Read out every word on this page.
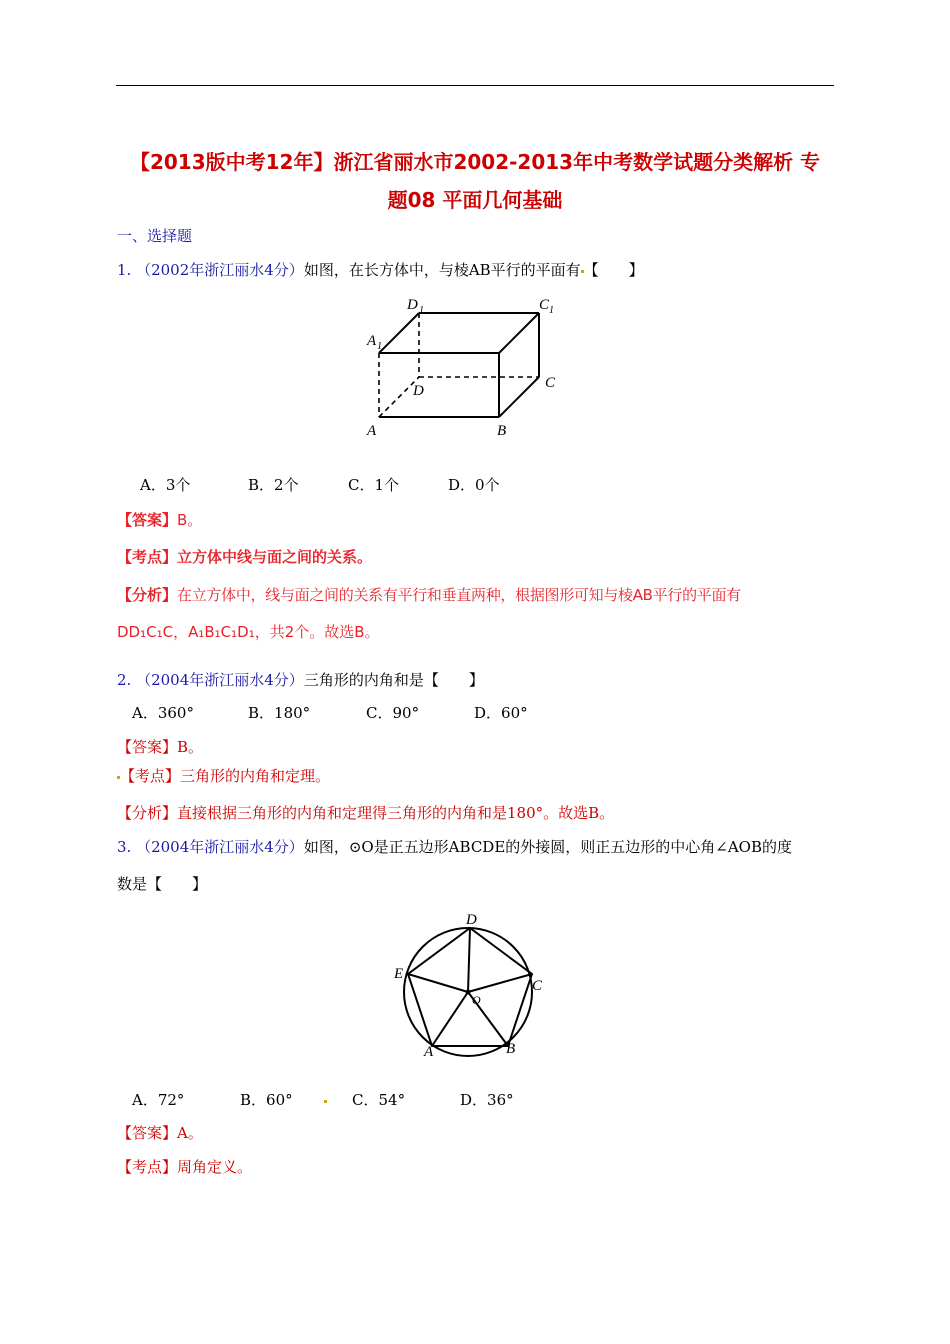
【2013版中考12年】浙江省丽水市2002-2013年中考数学试题分类解析 专
题08 平面几何基础
一、选择题
1. （2002年浙江丽水4分）如图，在长方体中，与棱AB平行的平面有 【　　】
A	B
C
D
A 1
D 1	C 1
A．3个	B．2个	C．1个	D．0个
【答案】B。
【考点】立方体中线与面之间的关系。
【分析】在立方体中，线与面之间的关系有平行和垂直两种，根据图形可知与棱AB平行的平面有
DD₁C₁C，A₁B₁C₁D₁，共2个。故选B。
2. （2004年浙江丽水4分）三角形的内角和是【　　】
A．360°	B．180°	C．90°	D．60°
【答案】B。
【考点】三角形的内角和定理。
【分析】直接根据三角形的内角和定理得三角形的内角和是180°。故选B。
3. （2004年浙江丽水4分）如图，⊙O是正五边形ABCDE的外接圆，则正五边形的中心角∠AOB的度
数是【　　】
D
E
C
B
A
O
A．72°	B．60°	C．54°	D．36°
【答案】A。
【考点】周角定义。
